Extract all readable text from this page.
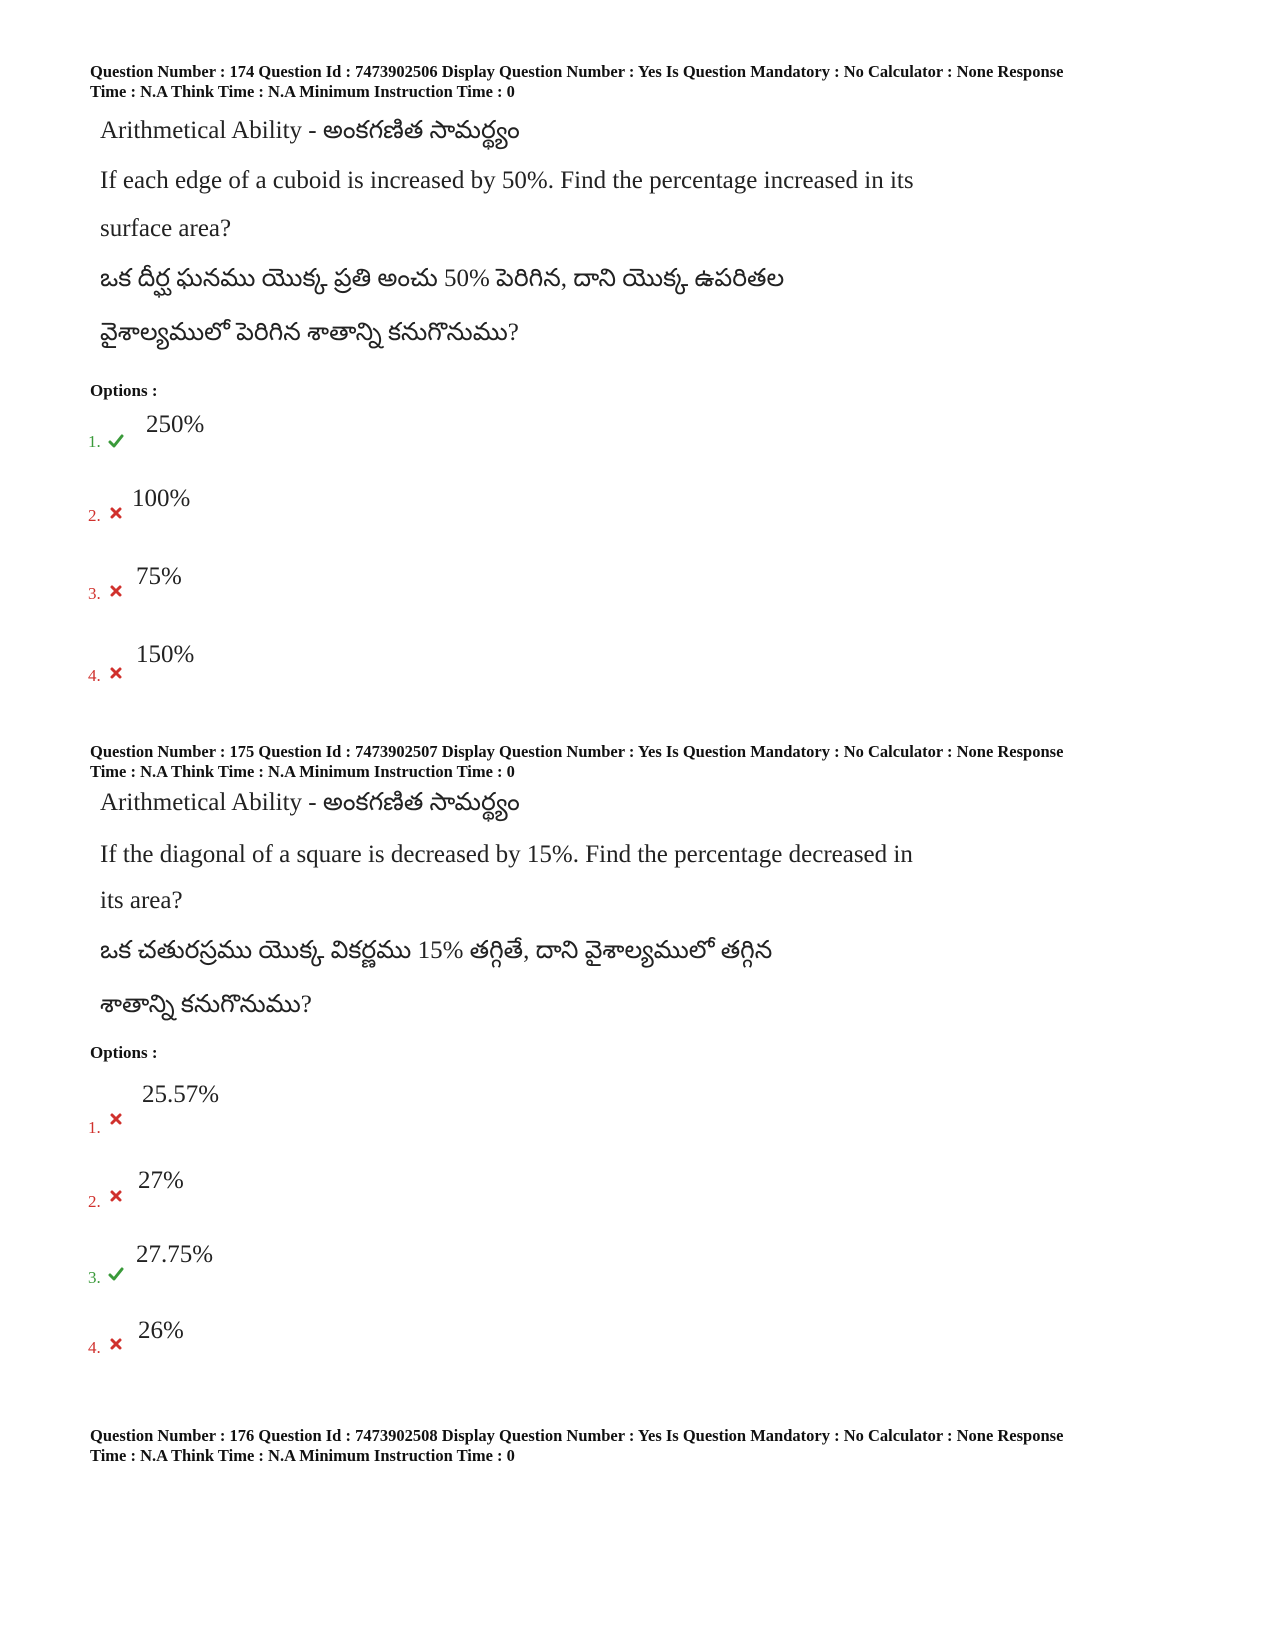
Question Number : 174 Question Id : 7473902506 Display Question Number : Yes Is Question Mandatory : No Calculator : None Response
Time : N.A Think Time : N.A Minimum Instruction Time : 0
Arithmetical Ability - అంకగణిత సామర్థ్యం
If each edge of a cuboid is increased by 50%. Find the percentage increased in its
surface area?
ఒక దీర్ఘ ఘనము యొక్క ప్రతి అంచు 50% పెరిగిన, దాని యొక్క ఉపరితల
వైశాల్యములో పెరిగిన శాతాన్ని కనుగొనుము?
Options :
1.
250%
2.
100%
3.
75%
4.
150%
Question Number : 175 Question Id : 7473902507 Display Question Number : Yes Is Question Mandatory : No Calculator : None Response
Time : N.A Think Time : N.A Minimum Instruction Time : 0
Arithmetical Ability - అంకగణిత సామర్థ్యం
If the diagonal of a square is decreased by 15%. Find the percentage decreased in
its area?
ఒక చతురస్రము యొక్క వికర్ణము 15% తగ్గితే, దాని వైశాల్యములో తగ్గిన
శాతాన్ని కనుగొనుము?
Options :
1.
25.57%
2.
27%
3.
27.75%
4.
26%
Question Number : 176 Question Id : 7473902508 Display Question Number : Yes Is Question Mandatory : No Calculator : None Response
Time : N.A Think Time : N.A Minimum Instruction Time : 0
